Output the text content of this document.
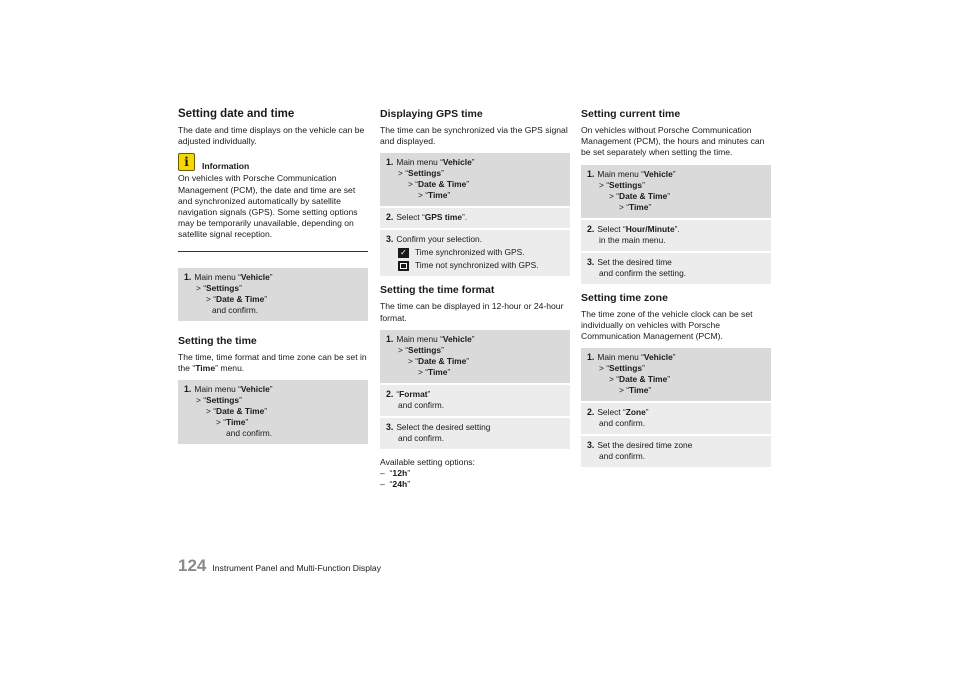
Setting date and time

The date and time displays on the vehicle can be adjusted individually.

i	Information

On vehicles with Porsche Communication Management (PCM), the date and time are set and synchronized automatically by satellite navigation signals (GPS). Some setting options may be temporarily unavailable, depending on satellite signal reception.

1. Main menu “Vehicle”
> “Settings”
> “Date & Time”
and confirm.
Setting the time

The time, time format and time zone can be set in the “Time” menu.

1. Main menu “Vehicle”
> “Settings”
> “Date & Time”
> “Time”
and confirm.
Displaying GPS time

The time can be synchronized via the GPS signal and displayed.

1. Main menu “Vehicle”
> “Settings”
> “Date & Time”
> “Time”
2. Select “GPS time”.
3. Confirm your selection.
✓ Time synchronized with GPS.
Time not synchronized with GPS.
Setting the time format

The time can be displayed in 12-hour or 24-hour format.

1. Main menu “Vehicle”
> “Settings”
> “Date & Time”
> “Time”
2. “Format”
and confirm.
3. Select the desired setting
and confirm.
Available setting options:
–  “12h”
–  “24h”
Setting current time

On vehicles without Porsche Communication Management (PCM), the hours and minutes can be set separately when setting the time.

1. Main menu “Vehicle”
> “Settings”
> “Date & Time”
> “Time”
2. Select “Hour/Minute”.
in the main menu.
3. Set the desired time
and confirm the setting.
Setting time zone

The time zone of the vehicle clock can be set individually on vehicles with Porsche Communication Management (PCM).

1. Main menu “Vehicle”
> “Settings”
> “Date & Time”
> “Time”
2. Select “Zone”
and confirm.
3. Set the desired time zone
and confirm.
124 Instrument Panel and Multi-Function Display
